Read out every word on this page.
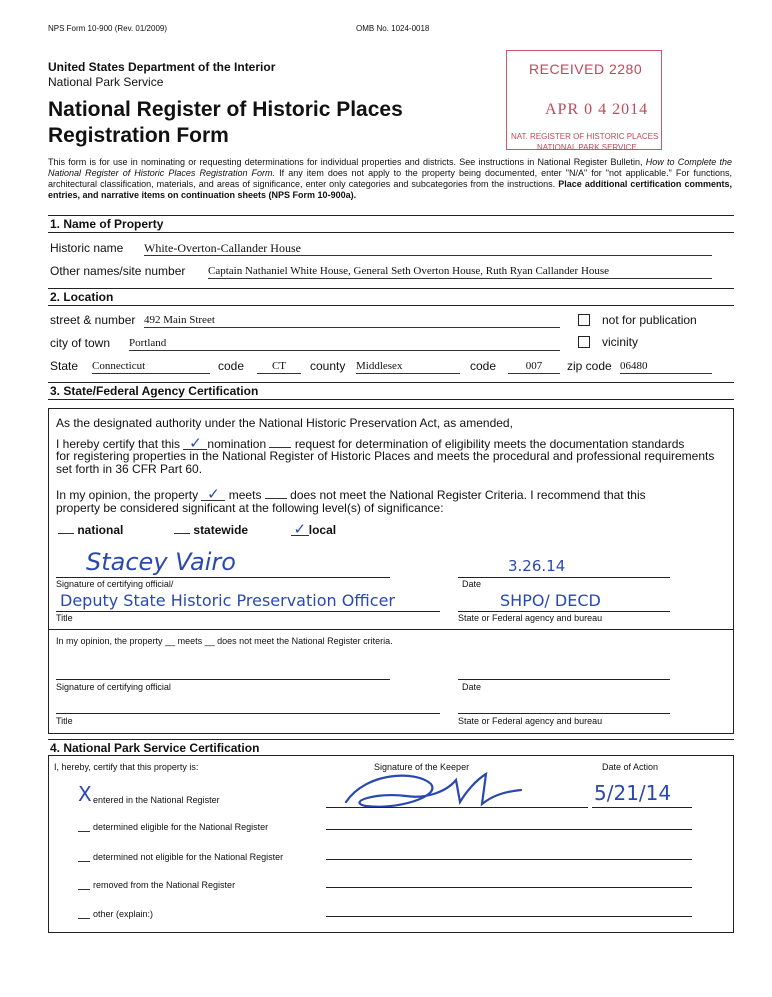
NPS Form 10-900 (Rev. 01/2009)	OMB No. 1024-0018
United States Department of the Interior
National Park Service
National Register of Historic Places
Registration Form
RECEIVED 2280
APR 0 4 2014
NAT. REGISTER OF HISTORIC PLACES
NATIONAL PARK SERVICE
This form is for use in nominating or requesting determinations for individual properties and districts. See instructions in National Register Bulletin, How to Complete the National Register of Historic Places Registration Form. If any item does not apply to the property being documented, enter "N/A" for "not applicable." For functions, architectural classification, materials, and areas of significance, enter only categories and subcategories from the instructions. Place additional certification comments, entries, and narrative items on continuation sheets (NPS Form 10-900a).
1. Name of Property
Historic name White-Overton-Callander House
Other names/site number Captain Nathaniel White House, General Seth Overton House, Ruth Ryan Callander House
2. Location
street & number 492 Main Street	not for publication
city of town Portland	vicinity
State Connecticut	code	CT	county Middlesex	code	007	zip code 06480
3. State/Federal Agency Certification
As the designated authority under the National Historic Preservation Act, as amended,
I hereby certify that this ✓ nomination request for determination of eligibility meets the documentation standards
for registering properties in the National Register of Historic Places and meets the procedural and professional requirements set forth in 36 CFR Part 60.
In my opinion, the property ✓ meets does not meet the National Register Criteria. I recommend that this
property be considered significant at the following level(s) of significance:
national	statewide	✓ local
Stacey Vairo
Signature of certifying official/
3.26.14
Date
Deputy State Historic Preservation Officer
Title
SHPO/ DECD
State or Federal agency and bureau
In my opinion, the property __ meets __ does not meet the National Register criteria.
Signature of certifying official	Date
Title	State or Federal agency and bureau
4. National Park Service Certification
I, hereby, certify that this property is:	Signature of the Keeper	Date of Action
5/21/14
X entered in the National Register
determined eligible for the National Register
determined not eligible for the National Register
removed from the National Register
other (explain:)
